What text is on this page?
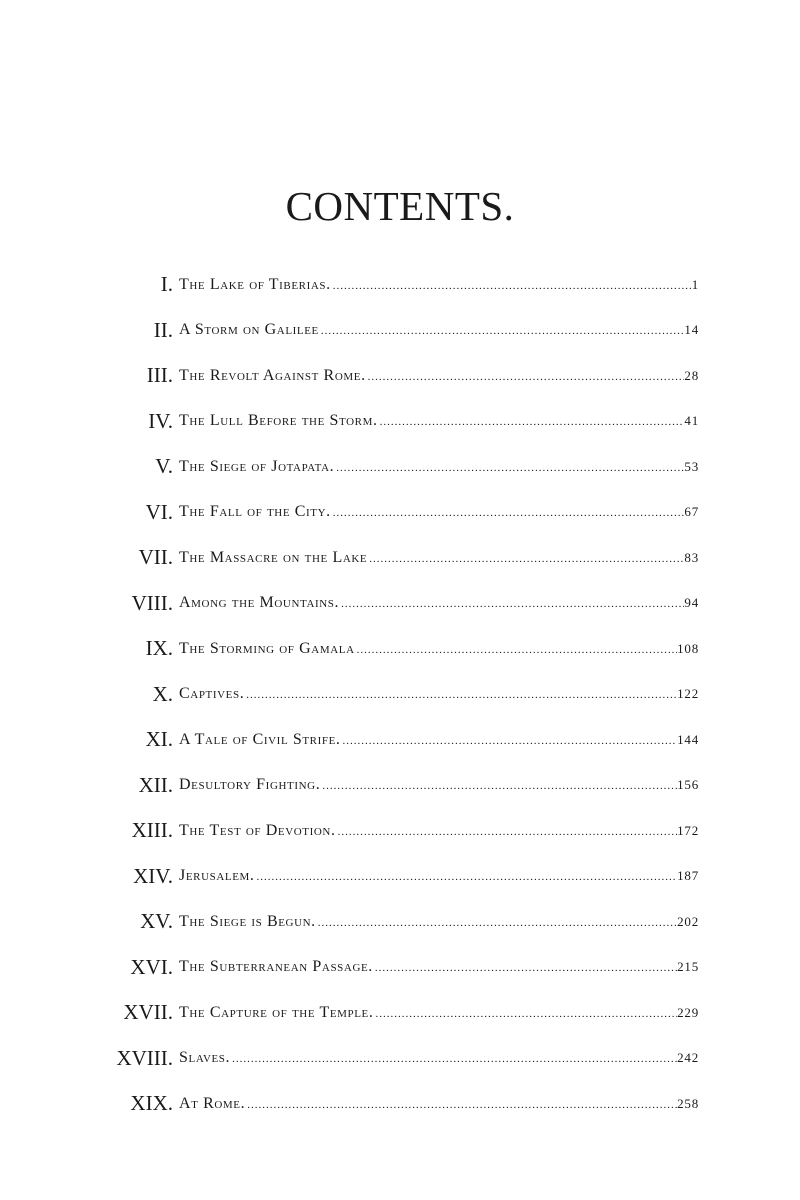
CONTENTS.
I. The Lake of Tiberias. .....	1
II. A Storm on Galilee .....	14
III. The Revolt Against Rome. .....	28
IV. The Lull Before the Storm. .....	41
V. The Siege of Jotapata. .....	53
VI. The Fall of the City. .....	67
VII. The Massacre on the Lake .....	83
VIII. Among the Mountains. .....	94
IX. The Storming of Gamala .....	108
X. Captives. .....	122
XI. A Tale of Civil Strife. .....	144
XII. Desultory Fighting. .....	156
XIII. The Test of Devotion. .....	172
XIV. Jerusalem. .....	187
XV. The Siege is Begun. .....	202
XVI. The Subterranean Passage. .....	215
XVII. The Capture of the Temple. .....	229
XVIII. Slaves. .....	242
XIX. At Rome. .....	258
